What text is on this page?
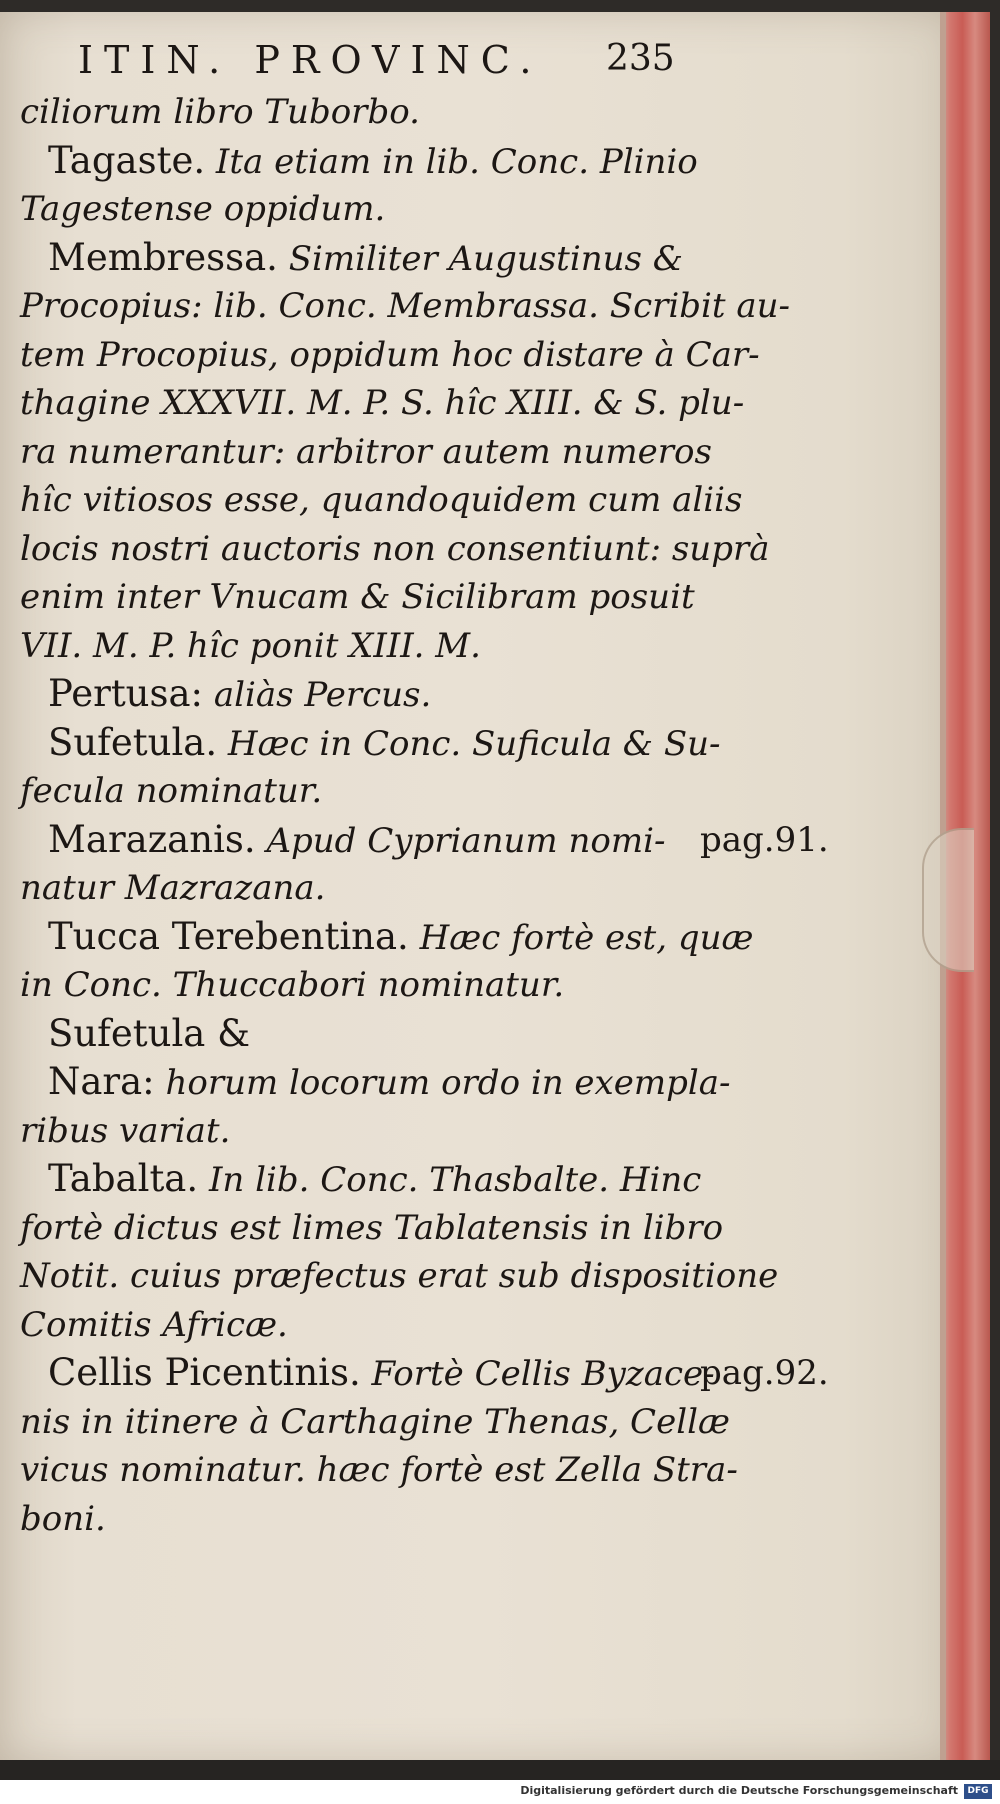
ITIN. PROVINC. 235
ciliorum libro Tuborbo.
Tagaste. Ita etiam in lib. Conc. Plinio
Tagestense oppidum.
Membressa. Similiter Augustinus &
Procopius: lib. Conc. Membrassa. Scribit au-
tem Procopius, oppidum hoc distare à Car-
thagine XXXVII. M. P. S. hîc XIII. & S. plu-
ra numerantur: arbitror autem numeros
hîc vitiosos esse, quandoquidem cum aliis
locis nostri auctoris non consentiunt: suprà
enim inter Vnucam & Sicilibram posuit
VII. M. P. hîc ponit XIII. M.
Pertusa: aliàs Percus.
Sufetula. Hæc in Conc. Suficula & Su-
fecula nominatur.
Marazanis. Apud Cyprianum nomi- pag.91.
natur Mazrazana.
Tucca Terebentina. Hæc fortè est, quæ
in Conc. Thuccabori nominatur.
Sufetula &
Nara: horum locorum ordo in exempla-
ribus variat.
Tabalta. In lib. Conc. Thasbalte. Hinc
fortè dictus est limes Tablatensis in libro
Notit. cuius præfectus erat sub dispositione
Comitis Africæ.
Cellis Picentinis. Fortè Cellis Byzace-
pag.92.
nis in itinere à Carthagine Thenas, Cellæ
vicus nominatur. hæc fortè est Zella Stra-
boni.
Digitalisierung gefördert durch die Deutsche Forschungsgemeinschaft	DFG
